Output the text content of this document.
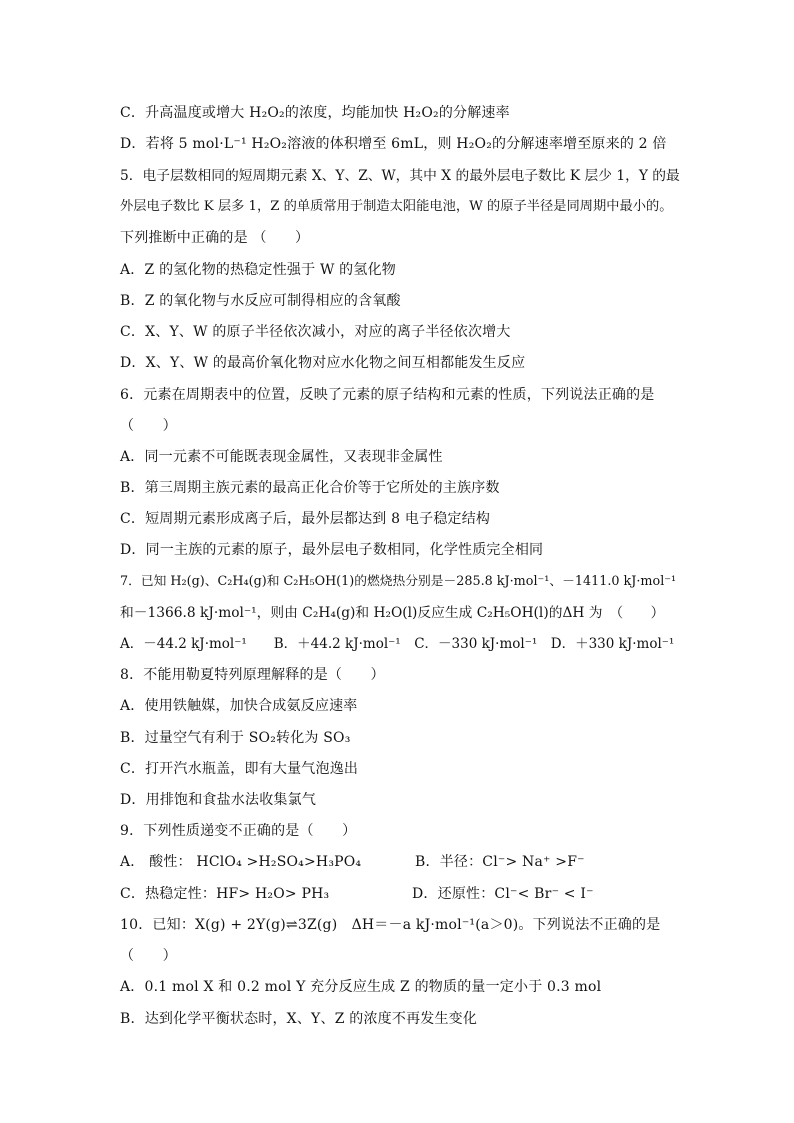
C．升高温度或增大 H₂O₂的浓度，均能加快 H₂O₂的分解速率
D．若将 5 mol·L⁻¹ H₂O₂溶液的体积增至 6mL，则 H₂O₂的分解速率增至原来的 2 倍
5．电子层数相同的短周期元素 X、Y、Z、W，其中 X 的最外层电子数比 K 层少 1，Y 的最
外层电子数比 K 层多 1，Z 的单质常用于制造太阳能电池，W 的原子半径是同周期中最小的。
下列推断中正确的是 （　　）
A．Z 的氢化物的热稳定性强于 W 的氢化物
B．Z 的氧化物与水反应可制得相应的含氧酸
C．X、Y、W 的原子半径依次减小，对应的离子半径依次增大
D．X、Y、W 的最高价氧化物对应水化物之间互相都能发生反应
6．元素在周期表中的位置，反映了元素的原子结构和元素的性质，下列说法正确的是
（　　）
A．同一元素不可能既表现金属性，又表现非金属性
B．第三周期主族元素的最高正化合价等于它所处的主族序数
C．短周期元素形成离子后，最外层都达到 8 电子稳定结构
D．同一主族的元素的原子，最外层电子数相同，化学性质完全相同
7．已知 H₂(g)、C₂H₄(g)和 C₂H₅OH(1)的燃烧热分别是－285.8 kJ·mol⁻¹、－1411.0 kJ·mol⁻¹
和－1366.8 kJ·mol⁻¹，则由 C₂H₄(g)和 H₂O(l)反应生成 C₂H₅OH(l)的ΔH 为　（　　）
A．－44.2 kJ·mol⁻¹　　B．＋44.2 kJ·mol⁻¹　C．－330 kJ·mol⁻¹　D．＋330 kJ·mol⁻¹
8．不能用勒夏特列原理解释的是（　　）
A．使用铁触媒，加快合成氨反应速率
B．过量空气有利于 SO₂转化为 SO₃
C．打开汽水瓶盖，即有大量气泡逸出
D．用排饱和食盐水法收集氯气
9．下列性质递变不正确的是（　　）
A． 酸性： HClO₄ >H₂SO₄>H₃PO₄	B．半径：Cl⁻> Na⁺ >F⁻
C．热稳定性：HF> H₂O> PH₃	D．还原性：Cl⁻< Br⁻ < I⁻
10．已知：X(g) + 2Y(g)⇌3Z(g)　ΔH＝－a kJ·mol⁻¹(a＞0)。下列说法不正确的是
（　　）
A．0.1 mol X 和 0.2 mol Y 充分反应生成 Z 的物质的量一定小于 0.3 mol
B．达到化学平衡状态时，X、Y、Z 的浓度不再发生变化
